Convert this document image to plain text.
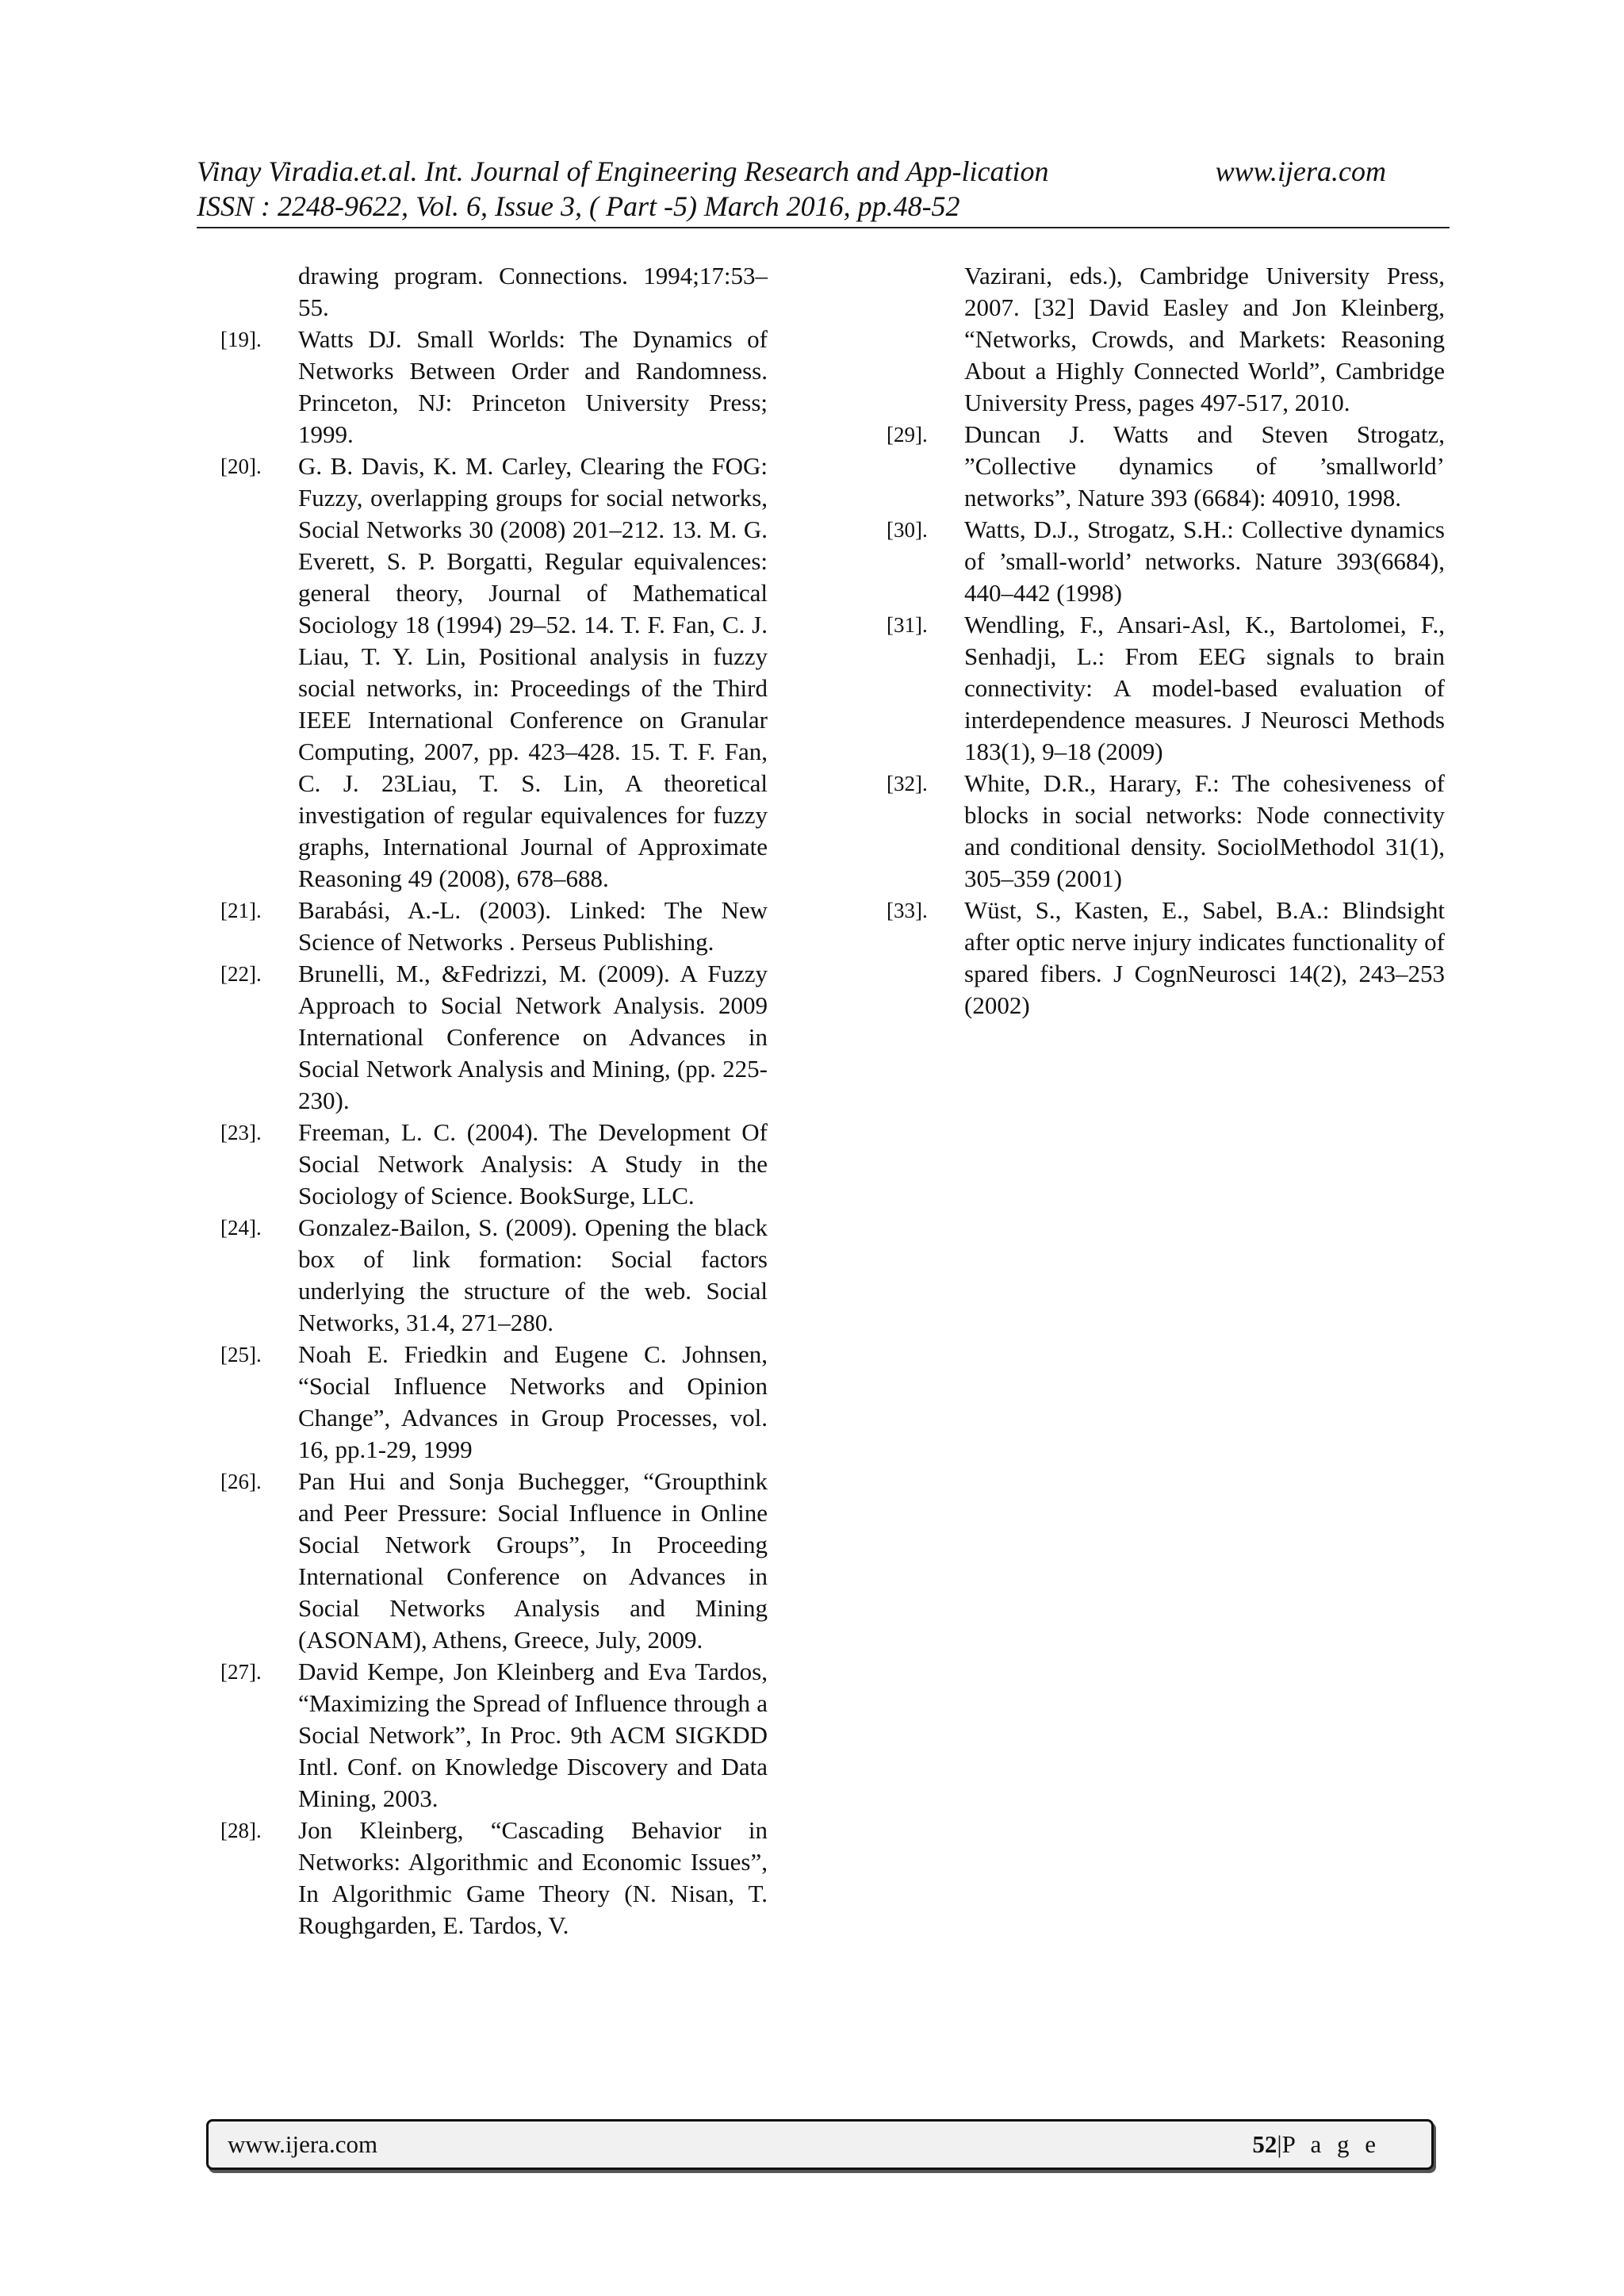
Vinay Viradia.et.al. Int. Journal of Engineering Research and App-lication	www.ijera.com
ISSN : 2248-9622, Vol. 6, Issue 3, ( Part -5) March 2016, pp.48-52
drawing program. Connections. 1994;17:53–55.
[19].	Watts DJ. Small Worlds: The Dynamics of Networks Between Order and Randomness. Princeton, NJ: Princeton University Press; 1999.
[20].	G. B. Davis, K. M. Carley, Clearing the FOG: Fuzzy, overlapping groups for social networks, Social Networks 30 (2008) 201–212. 13. M. G. Everett, S. P. Borgatti, Regular equivalences: general theory, Journal of Mathematical Sociology 18 (1994) 29–52. 14. T. F. Fan, C. J. Liau, T. Y. Lin, Positional analysis in fuzzy social networks, in: Proceedings of the Third IEEE International Conference on Granular Computing, 2007, pp. 423–428. 15. T. F. Fan, C. J. 23Liau, T. S. Lin, A theoretical investigation of regular equivalences for fuzzy graphs, International Journal of Approximate Reasoning 49 (2008), 678–688.
[21].	Barabási, A.-L. (2003). Linked: The New Science of Networks . Perseus Publishing.
[22].	Brunelli, M., &Fedrizzi, M. (2009). A Fuzzy Approach to Social Network Analysis. 2009 International Conference on Advances in Social Network Analysis and Mining, (pp. 225-230).
[23].	Freeman, L. C. (2004). The Development Of Social Network Analysis: A Study in the Sociology of Science. BookSurge, LLC.
[24].	Gonzalez-Bailon, S. (2009). Opening the black box of link formation: Social factors underlying the structure of the web. Social Networks, 31.4, 271–280.
[25].	Noah E. Friedkin and Eugene C. Johnsen, “Social Influence Networks and Opinion Change”, Advances in Group Processes, vol. 16, pp.1-29, 1999
[26].	Pan Hui and Sonja Buchegger, “Groupthink and Peer Pressure: Social Influence in Online Social Network Groups”, In Proceeding International Conference on Advances in Social Networks Analysis and Mining (ASONAM), Athens, Greece, July, 2009.
[27].	David Kempe, Jon Kleinberg and Eva Tardos, “Maximizing the Spread of Influence through a Social Network”, In Proc. 9th ACM SIGKDD Intl. Conf. on Knowledge Discovery and Data Mining, 2003.
[28].	Jon Kleinberg, “Cascading Behavior in Networks: Algorithmic and Economic Issues”, In Algorithmic Game Theory (N. Nisan, T. Roughgarden, E. Tardos, V.
Vazirani, eds.), Cambridge University Press, 2007. [32] David Easley and Jon Kleinberg, “Networks, Crowds, and Markets: Reasoning About a Highly Connected World”, Cambridge University Press, pages 497-517, 2010.
[29].	Duncan J. Watts and Steven Strogatz, ”Collective dynamics of ’smallworld’ networks”, Nature 393 (6684): 40910, 1998.
[30].	Watts, D.J., Strogatz, S.H.: Collective dynamics of ’small-world’ networks. Nature 393(6684), 440–442 (1998)
[31].	Wendling, F., Ansari-Asl, K., Bartolomei, F., Senhadji, L.: From EEG signals to brain connectivity: A model-based evaluation of interdependence measures. J Neurosci Methods 183(1), 9–18 (2009)
[32].	White, D.R., Harary, F.: The cohesiveness of blocks in social networks: Node connectivity and conditional density. SociolMethodol 31(1), 305–359 (2001)
[33].	Wüst, S., Kasten, E., Sabel, B.A.: Blindsight after optic nerve injury indicates functionality of spared fibers. J CognNeurosci 14(2), 243–253 (2002)
www.ijera.com	52|P a g e
